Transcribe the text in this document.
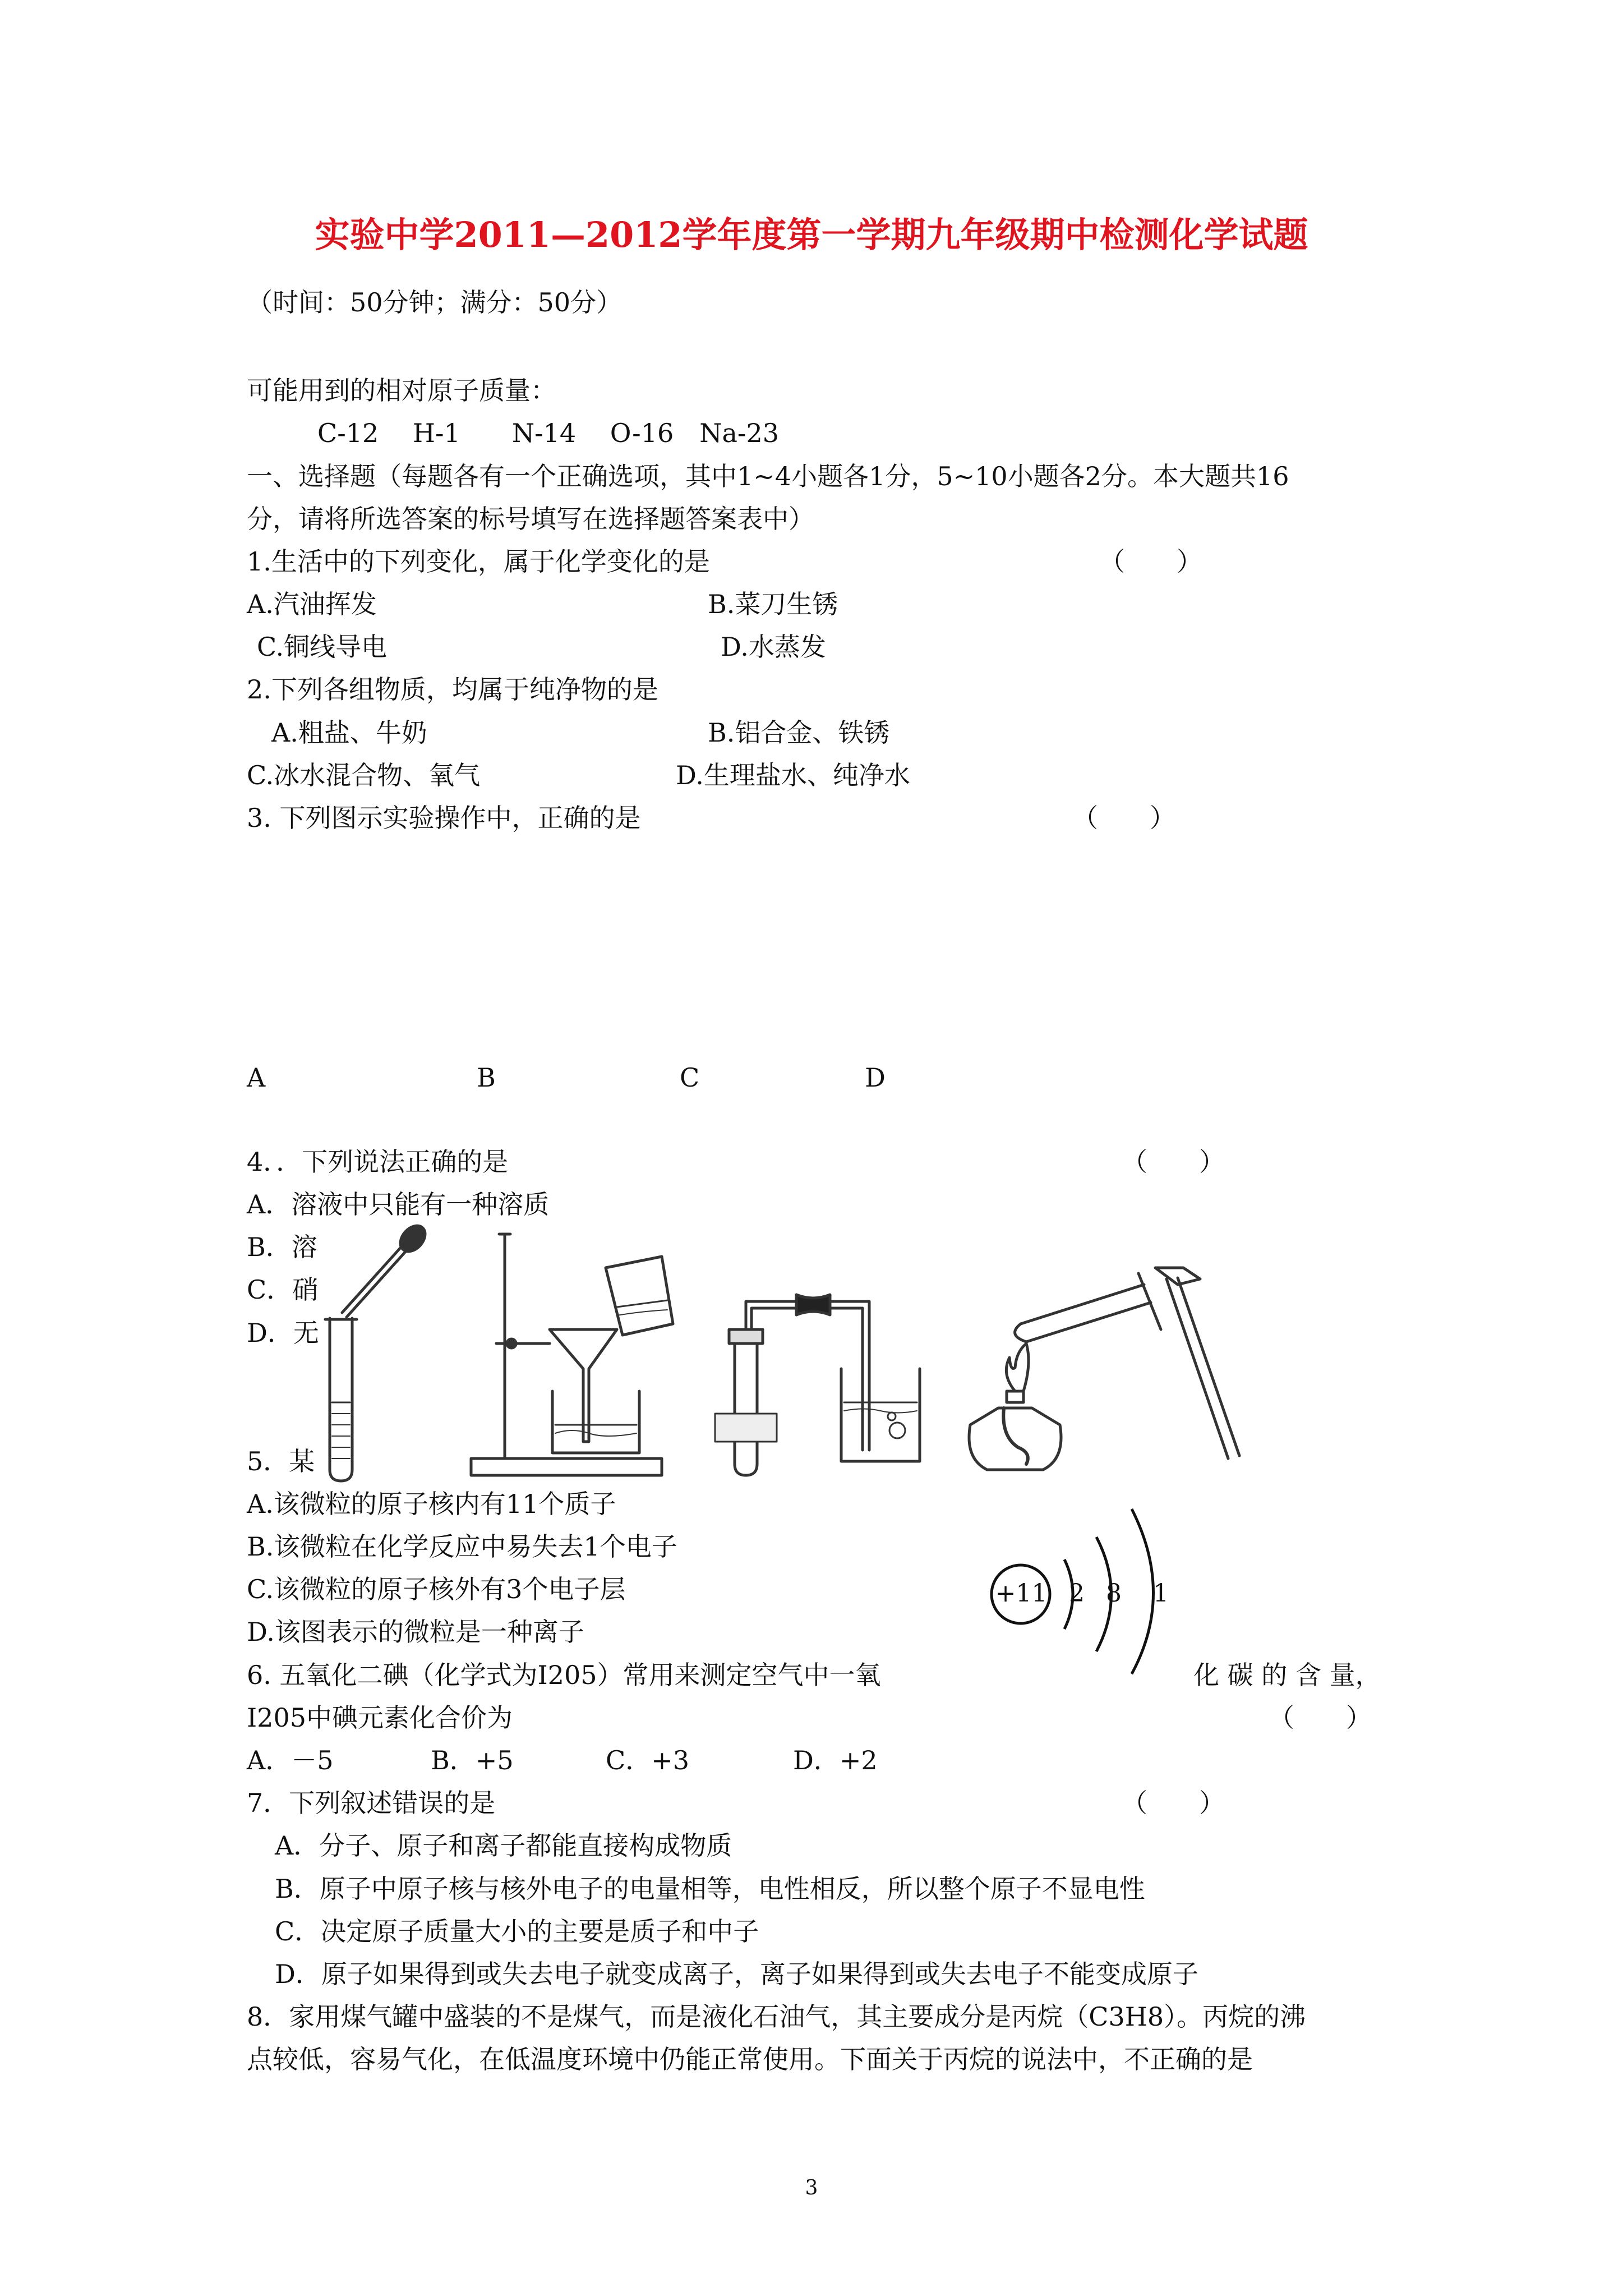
实验中学2011—2012学年度第一学期九年级期中检测化学试题
（时间：50分钟；满分：50分）
可能用到的相对原子质量：
C-12　 H-1　　N-14　 O-16　Na-23
一、选择题（每题各有一个正确选项，其中1~4小题各1分，5~10小题各2分。本大题共16
分，请将所选答案的标号填写在选择题答案表中）
1.生活中的下列变化，属于化学变化的是	（　　）
A.汽油挥发	B.菜刀生锈
C.铜线导电	D.水蒸发
2.下列各组物质，均属于纯净物的是
A.粗盐、牛奶	B.铝合金、铁锈
C.冰水混合物、氧气	D.生理盐水、纯净水
3. 下列图示实验操作中，正确的是	（　　）
A	B	C	D
4．．下列说法正确的是	（　　）
A．溶液中只能有一种溶质
B．溶
C．硝
D．无
5．某
A.该微粒的原子核内有11个质子
B.该微粒在化学反应中易失去1个电子
C.该微粒的原子核外有3个电子层
D.该图表示的微粒是一种离子
+11 2 8 1
6. 五氧化二碘（化学式为I205）常用来测定空气中一氧	化 碳 的 含 量，
I205中碘元素化合价为	（　　）
A．－5	B．+5	C．+3	D．+2
7．下列叙述错误的是	（　　）
A．分子、原子和离子都能直接构成物质
B．原子中原子核与核外电子的电量相等，电性相反，所以整个原子不显电性
C．决定原子质量大小的主要是质子和中子
D．原子如果得到或失去电子就变成离子，离子如果得到或失去电子不能变成原子
8．家用煤气罐中盛装的不是煤气，而是液化石油气，其主要成分是丙烷（C3H8）。丙烷的沸
点较低，容易气化，在低温度环境中仍能正常使用。下面关于丙烷的说法中，不正确的是
3
